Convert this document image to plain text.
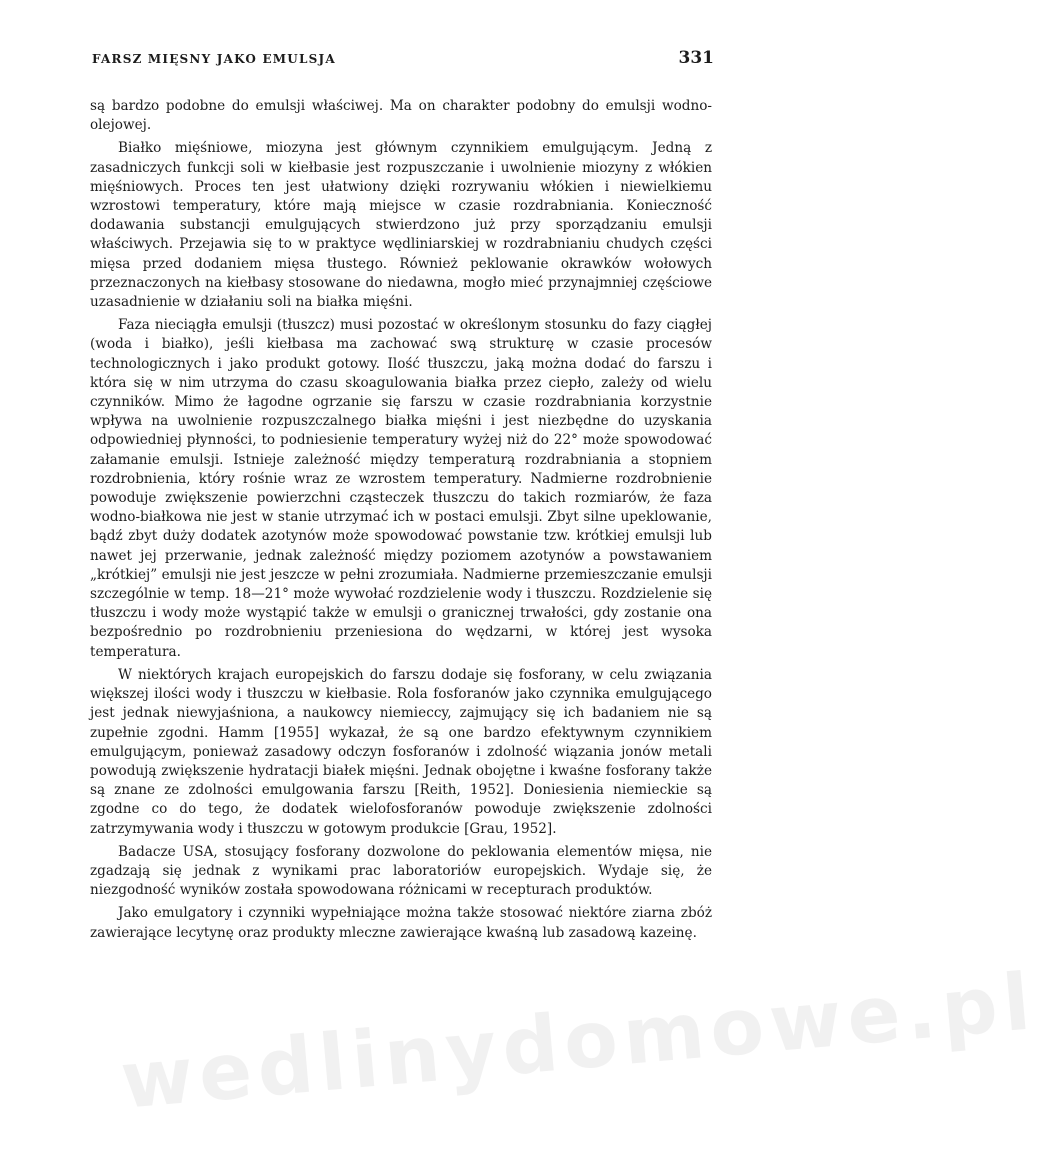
FARSZ MIĘSNY JAKO EMULSJA	331

są bardzo podobne do emulsji właściwej. Ma on charakter podobny do emulsji wodno-olejowej.

Białko mięśniowe, miozyna jest głównym czynnikiem emulgującym. Jedną z zasadniczych funkcji soli w kiełbasie jest rozpuszczanie i uwolnienie miozyny z włókien mięśniowych. Proces ten jest ułatwiony dzięki rozrywaniu włókien i niewielkiemu wzrostowi temperatury, które mają miejsce w czasie rozdrabniania. Konieczność dodawania substancji emulgujących stwierdzono już przy sporządzaniu emulsji właściwych. Przejawia się to w praktyce wędliniarskiej w rozdrabnianiu chudych części mięsa przed dodaniem mięsa tłustego. Również peklowanie okrawków wołowych przeznaczonych na kiełbasy stosowane do niedawna, mogło mieć przynajmniej częściowe uzasadnienie w działaniu soli na białka mięśni.

Faza nieciągła emulsji (tłuszcz) musi pozostać w określonym stosunku do fazy ciągłej (woda i białko), jeśli kiełbasa ma zachować swą strukturę w czasie procesów technologicznych i jako produkt gotowy. Ilość tłuszczu, jaką można dodać do farszu i która się w nim utrzyma do czasu skoagulowania białka przez ciepło, zależy od wielu czynników. Mimo że łagodne ogrzanie się farszu w czasie rozdrabniania korzystnie wpływa na uwolnienie rozpuszczalnego białka mięśni i jest niezbędne do uzyskania odpowiedniej płynności, to podniesienie temperatury wyżej niż do 22° może spowodować załamanie emulsji. Istnieje zależność między temperaturą rozdrabniania a stopniem rozdrobnienia, który rośnie wraz ze wzrostem temperatury. Nadmierne rozdrobnienie powoduje zwiększenie powierzchni cząsteczek tłuszczu do takich rozmiarów, że faza wodno-białkowa nie jest w stanie utrzymać ich w postaci emulsji. Zbyt silne upeklowanie, bądź zbyt duży dodatek azotynów może spowodować powstanie tzw. krótkiej emulsji lub nawet jej przerwanie, jednak zależność między poziomem azotynów a powstawaniem „krótkiej” emulsji nie jest jeszcze w pełni zrozumiała. Nadmierne przemieszczanie emulsji szczególnie w temp. 18—21° może wywołać rozdzielenie wody i tłuszczu. Rozdzielenie się tłuszczu i wody może wystąpić także w emulsji o granicznej trwałości, gdy zostanie ona bezpośrednio po rozdrobnieniu przeniesiona do wędzarni, w której jest wysoka temperatura.

W niektórych krajach europejskich do farszu dodaje się fosforany, w celu związania większej ilości wody i tłuszczu w kiełbasie. Rola fosforanów jako czynnika emulgującego jest jednak niewyjaśniona, a naukowcy niemieccy, zajmujący się ich badaniem nie są zupełnie zgodni. Hamm [1955] wykazał, że są one bardzo efektywnym czynnikiem emulgującym, ponieważ zasadowy odczyn fosforanów i zdolność wiązania jonów metali powodują zwiększenie hydratacji białek mięśni. Jednak obojętne i kwaśne fosforany także są znane ze zdolności emulgowania farszu [Reith, 1952]. Doniesienia niemieckie są zgodne co do tego, że dodatek wielofosforanów powoduje zwiększenie zdolności zatrzymywania wody i tłuszczu w gotowym produkcie [Grau, 1952].

Badacze USA, stosujący fosforany dozwolone do peklowania elementów mięsa, nie zgadzają się jednak z wynikami prac laboratoriów europejskich. Wydaje się, że niezgodność wyników została spowodowana różnicami w recepturach produktów.

Jako emulgatory i czynniki wypełniające można także stosować niektóre ziarna zbóż zawierające lecytynę oraz produkty mleczne zawierające kwaśną lub zasadową kazeinę.

wedlinydomowe.pl
